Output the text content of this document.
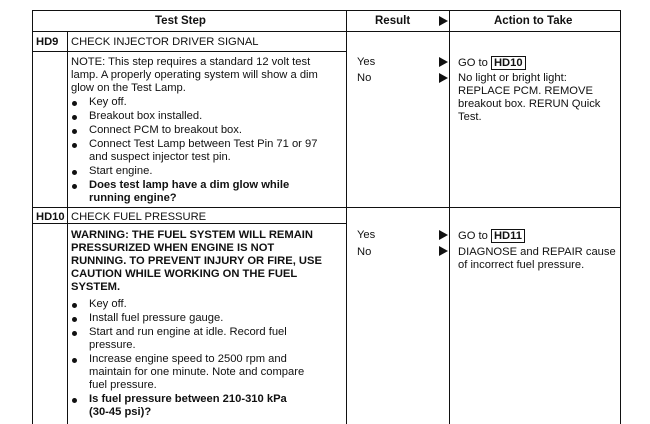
Test Step	Result	Action to Take
HD9 CHECK INJECTOR DRIVER SIGNAL
NOTE: This step requires a standard 12 volt test
lamp. A properly operating system will show a dim
glow on the Test Lamp.
Key off.
Breakout box installed.
Connect PCM to breakout box.
Connect Test Lamp between Test Pin 71 or 97
and suspect injector test pin.
Start engine.
Does test lamp have a dim glow while
running engine?
Yes
No
GO to HD10
No light or bright light:
REPLACE PCM. REMOVE
breakout box. RERUN Quick
Test.
HD10 CHECK FUEL PRESSURE
WARNING: THE FUEL SYSTEM WILL REMAIN
PRESSURIZED WHEN ENGINE IS NOT
RUNNING. TO PREVENT INJURY OR FIRE, USE
CAUTION WHILE WORKING ON THE FUEL
SYSTEM.
Key off.
Install fuel pressure gauge.
Start and run engine at idle. Record fuel
pressure.
Increase engine speed to 2500 rpm and
maintain for one minute. Note and compare
fuel pressure.
Is fuel pressure between 210-310 kPa
(30-45 psi)?
Yes
No
GO to HD11
DIAGNOSE and REPAIR cause
of incorrect fuel pressure.
